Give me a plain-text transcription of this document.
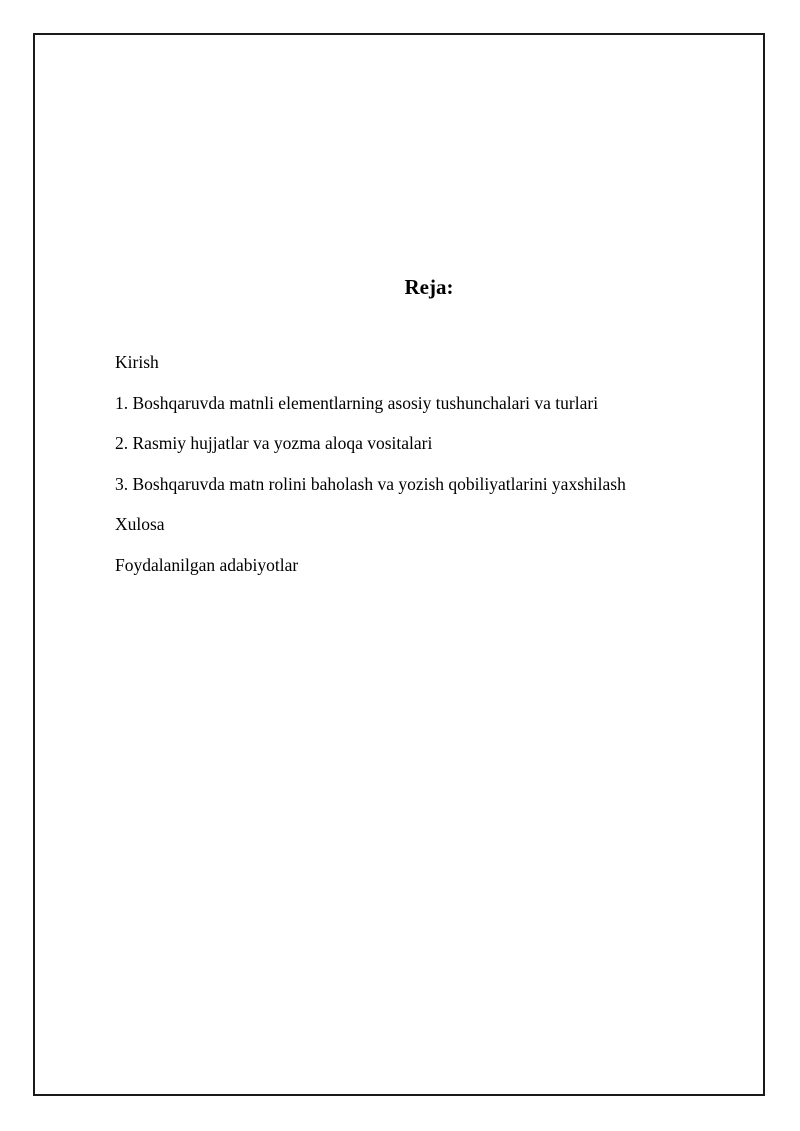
Reja:
Kirish
1. Boshqaruvda matnli elementlarning asosiy tushunchalari va turlari
2. Rasmiy hujjatlar va yozma aloqa vositalari
3. Boshqaruvda matn rolini baholash va yozish qobiliyatlarini yaxshilash
Xulosa
Foydalanilgan adabiyotlar
